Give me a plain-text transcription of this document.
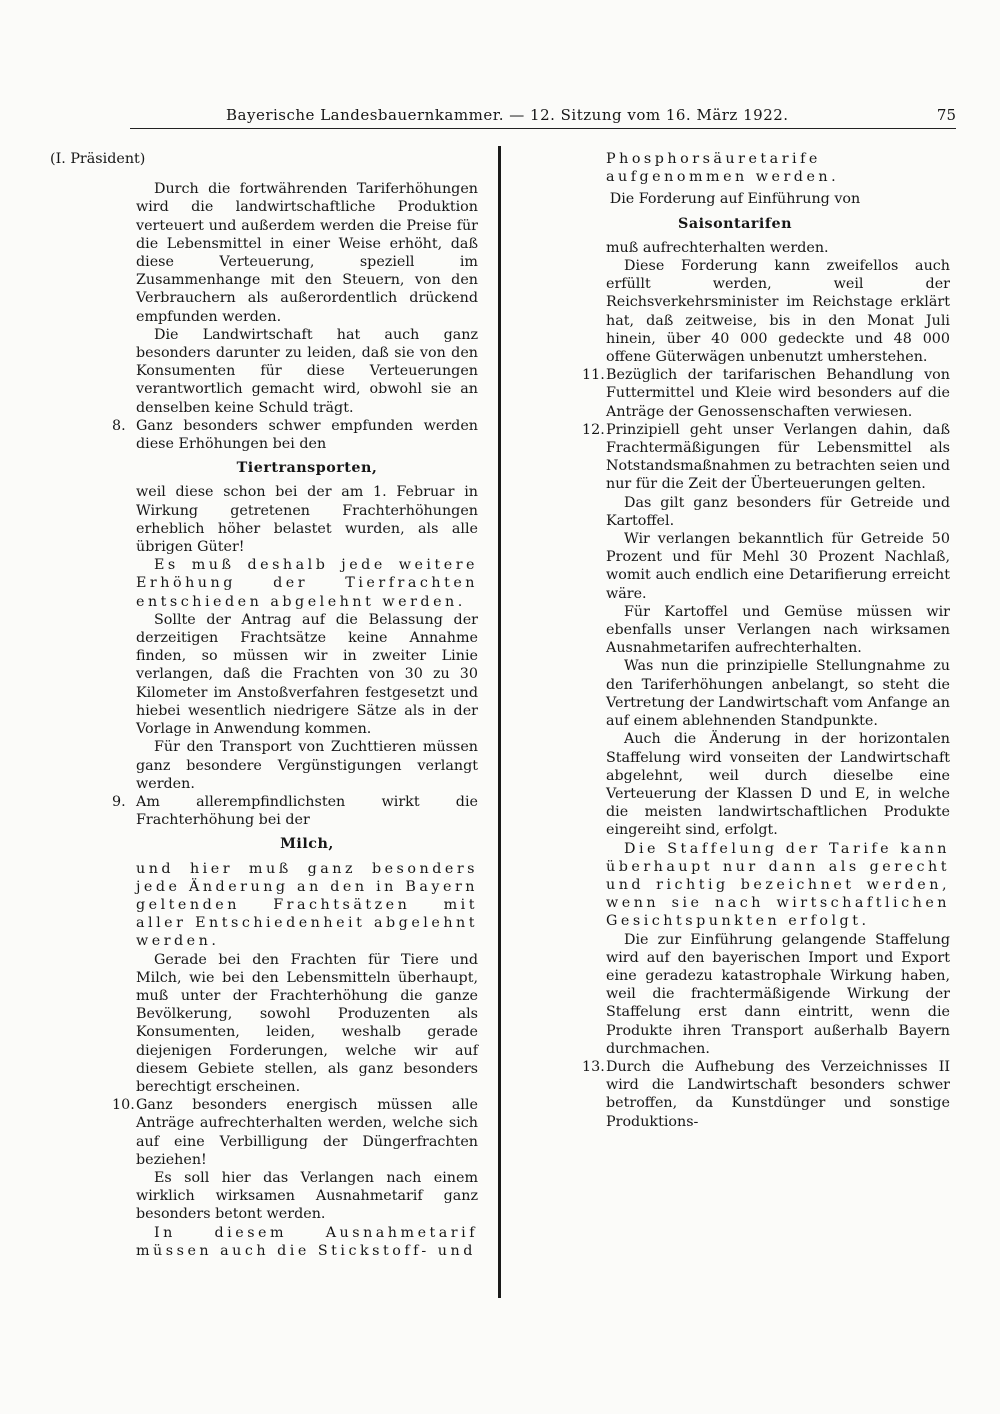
Bayerische Landesbauernkammer. — 12. Sitzung vom 16. März 1922.	75

(I. Präsident)

Durch die fortwährenden Tariferhöhungen wird die landwirtschaftliche Produktion verteuert und außerdem werden die Preise für die Lebensmittel in einer Weise erhöht, daß diese Verteuerung, speziell im Zusammenhange mit den Steuern, von den Verbrauchern als außerordentlich drückend empfunden werden.

Die Landwirtschaft hat auch ganz besonders darunter zu leiden, daß sie von den Konsumenten für diese Verteuerungen verantwortlich gemacht wird, obwohl sie an denselben keine Schuld trägt.

8. Ganz besonders schwer empfunden werden diese Erhöhungen bei den

Tiertransporten,

weil diese schon bei der am 1. Februar in Wirkung getretenen Frachterhöhungen erheblich höher belastet wurden, als alle übrigen Güter!

Es muß deshalb jede weitere Erhöhung der Tierfrachten entschieden abgelehnt werden.

Sollte der Antrag auf die Belassung der derzeitigen Frachtsätze keine Annahme finden, so müssen wir in zweiter Linie verlangen, daß die Frachten von 30 zu 30 Kilometer im Anstoßverfahren festgesetzt und hiebei wesentlich niedrigere Sätze als in der Vorlage in Anwendung kommen.

Für den Transport von Zuchttieren müssen ganz besondere Vergünstigungen verlangt werden.

9. Am allerempfindlichsten wirkt die Frachterhöhung bei der

Milch,

und hier muß ganz besonders jede Änderung an den in Bayern geltenden Frachtsätzen mit aller Entschiedenheit abgelehnt werden.

Gerade bei den Frachten für Tiere und Milch, wie bei den Lebensmitteln überhaupt, muß unter der Frachterhöhung die ganze Bevölkerung, sowohl Produzenten als Konsumenten, leiden, weshalb gerade diejenigen Forderungen, welche wir auf diesem Gebiete stellen, als ganz besonders berechtigt erscheinen.

10. Ganz besonders energisch müssen alle Anträge aufrechterhalten werden, welche sich auf eine Verbilligung der Düngerfrachten beziehen!

Es soll hier das Verlangen nach einem wirklich wirksamen Ausnahmetarif ganz besonders betont werden.

In diesem Ausnahmetarif müssen auch die Stickstoff- und

Phosphorsäuretarife aufgenommen werden.

Die Forderung auf Einführung von

Saisontarifen

muß aufrechterhalten werden.

Diese Forderung kann zweifellos auch erfüllt werden, weil der Reichsverkehrsminister im Reichstage erklärt hat, daß zeitweise, bis in den Monat Juli hinein, über 40 000 gedeckte und 48 000 offene Güterwägen unbenutzt umherstehen.

11. Bezüglich der tarifarischen Behandlung von Futtermittel und Kleie wird besonders auf die Anträge der Genossenschaften verwiesen.

12. Prinzipiell geht unser Verlangen dahin, daß Frachtermäßigungen für Lebensmittel als Notstandsmaßnahmen zu betrachten seien und nur für die Zeit der Überteuerungen gelten.

Das gilt ganz besonders für Getreide und Kartoffel.

Wir verlangen bekanntlich für Getreide 50 Prozent und für Mehl 30 Prozent Nachlaß, womit auch endlich eine Detarifierung erreicht wäre.

Für Kartoffel und Gemüse müssen wir ebenfalls unser Verlangen nach wirksamen Ausnahmetarifen aufrechterhalten.

Was nun die prinzipielle Stellungnahme zu den Tariferhöhungen anbelangt, so steht die Vertretung der Landwirtschaft vom Anfange an auf einem ablehnenden Standpunkte.

Auch die Änderung in der horizontalen Staffelung wird vonseiten der Landwirtschaft abgelehnt, weil durch dieselbe eine Verteuerung der Klassen D und E, in welche die meisten landwirtschaftlichen Produkte eingereiht sind, erfolgt.

Die Staffelung der Tarife kann überhaupt nur dann als gerecht und richtig bezeichnet werden, wenn sie nach wirtschaftlichen Gesichtspunkten erfolgt.

Die zur Einführung gelangende Staffelung wird auf den bayerischen Import und Export eine geradezu katastrophale Wirkung haben, weil die frachtermäßigende Wirkung der Staffelung erst dann eintritt, wenn die Produkte ihren Transport außerhalb Bayern durchmachen.

13. Durch die Aufhebung des Verzeichnisses II wird die Landwirtschaft besonders schwer betroffen, da Kunstdünger und sonstige Produktions-
